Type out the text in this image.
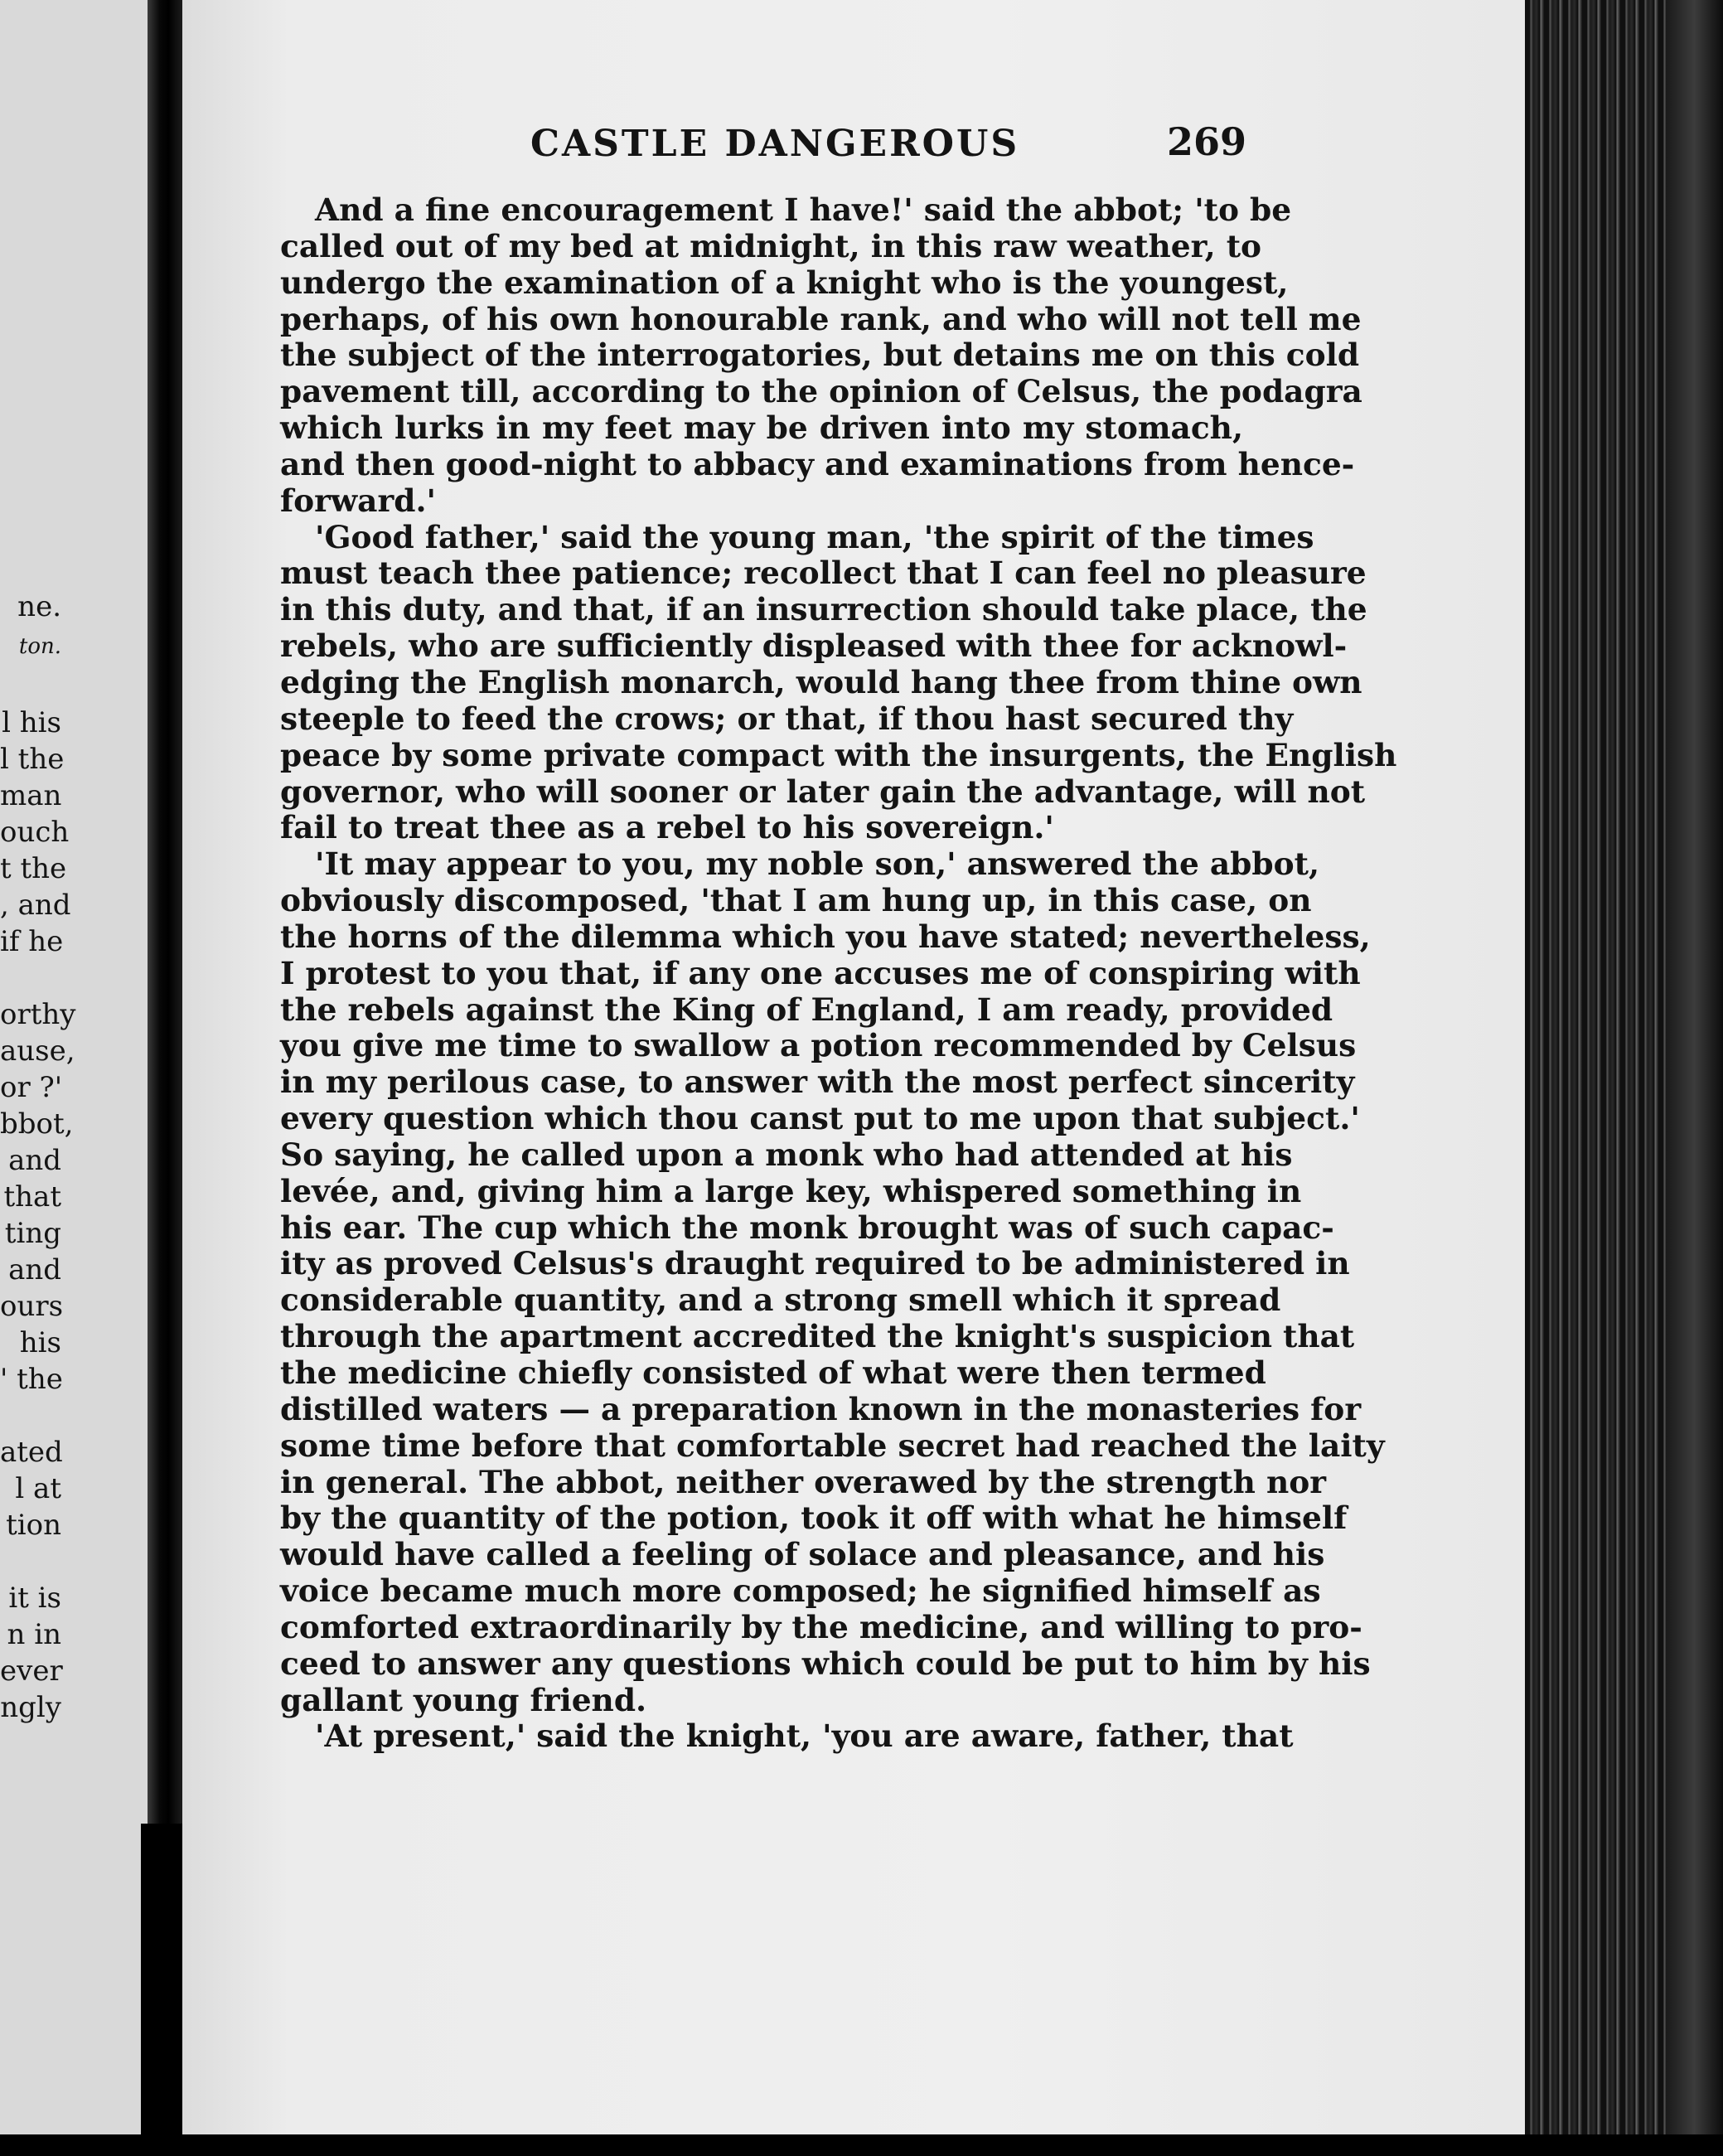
ne.
ton.
l his
l the
man
ouch
t the
, and
if he
orthy
ause,
or ?'
bbot,
and
that
ting
and
ours
his
' the
ated
l at
tion
it is
n in
ever
ngly
CASTLE DANGEROUS	269
And a fine encouragement I have!' said the abbot; 'to be
called out of my bed at midnight, in this raw weather, to
undergo the examination of a knight who is the youngest,
perhaps, of his own honourable rank, and who will not tell me
the subject of the interrogatories, but detains me on this cold
pavement till, according to the opinion of Celsus, the podagra
which lurks in my feet may be driven into my stomach,
and then good-night to abbacy and examinations from hence-
forward.'
'Good father,' said the young man, 'the spirit of the times
must teach thee patience; recollect that I can feel no pleasure
in this duty, and that, if an insurrection should take place, the
rebels, who are sufficiently displeased with thee for acknowl-
edging the English monarch, would hang thee from thine own
steeple to feed the crows; or that, if thou hast secured thy
peace by some private compact with the insurgents, the English
governor, who will sooner or later gain the advantage, will not
fail to treat thee as a rebel to his sovereign.'
'It may appear to you, my noble son,' answered the abbot,
obviously discomposed, 'that I am hung up, in this case, on
the horns of the dilemma which you have stated; nevertheless,
I protest to you that, if any one accuses me of conspiring with
the rebels against the King of England, I am ready, provided
you give me time to swallow a potion recommended by Celsus
in my perilous case, to answer with the most perfect sincerity
every question which thou canst put to me upon that subject.'
So saying, he called upon a monk who had attended at his
levée, and, giving him a large key, whispered something in
his ear. The cup which the monk brought was of such capac-
ity as proved Celsus's draught required to be administered in
considerable quantity, and a strong smell which it spread
through the apartment accredited the knight's suspicion that
the medicine chiefly consisted of what were then termed
distilled waters — a preparation known in the monasteries for
some time before that comfortable secret had reached the laity
in general. The abbot, neither overawed by the strength nor
by the quantity of the potion, took it off with what he himself
would have called a feeling of solace and pleasance, and his
voice became much more composed; he signified himself as
comforted extraordinarily by the medicine, and willing to pro-
ceed to answer any questions which could be put to him by his
gallant young friend.
'At present,' said the knight, 'you are aware, father, that
